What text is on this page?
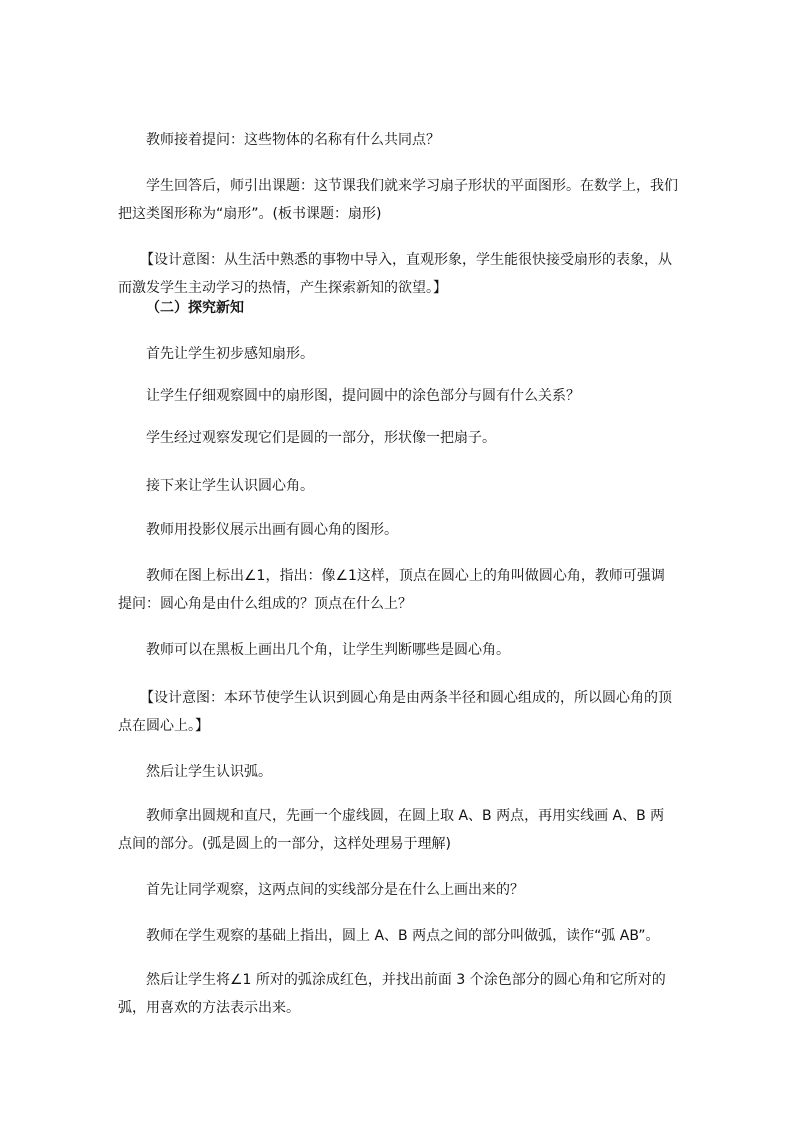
教师接着提问：这些物体的名称有什么共同点？

学生回答后，师引出课题：这节课我们就来学习扇子形状的平面图形。在数学上，我们把这类图形称为“扇形”。(板书课题：扇形)

【设计意图：从生活中熟悉的事物中导入，直观形象，学生能很快接受扇形的表象，从而激发学生主动学习的热情，产生探索新知的欲望。】

（二）探究新知

首先让学生初步感知扇形。

让学生仔细观察圆中的扇形图，提问圆中的涂色部分与圆有什么关系？

学生经过观察发现它们是圆的一部分，形状像一把扇子。

接下来让学生认识圆心角。

教师用投影仪展示出画有圆心角的图形。

教师在图上标出∠1，指出：像∠1这样，顶点在圆心上的角叫做圆心角，教师可强调提问：圆心角是由什么组成的？顶点在什么上？

教师可以在黑板上画出几个角，让学生判断哪些是圆心角。

【设计意图：本环节使学生认识到圆心角是由两条半径和圆心组成的，所以圆心角的顶点在圆心上。】

然后让学生认识弧。

教师拿出圆规和直尺，先画一个虚线圆，在圆上取 A、B 两点，再用实线画 A、B 两点间的部分。(弧是圆上的一部分，这样处理易于理解)

首先让同学观察，这两点间的实线部分是在什么上画出来的？

教师在学生观察的基础上指出，圆上 A、B 两点之间的部分叫做弧，读作“弧 AB”。

然后让学生将∠1 所对的弧涂成红色，并找出前面 3 个涂色部分的圆心角和它所对的弧，用喜欢的方法表示出来。
